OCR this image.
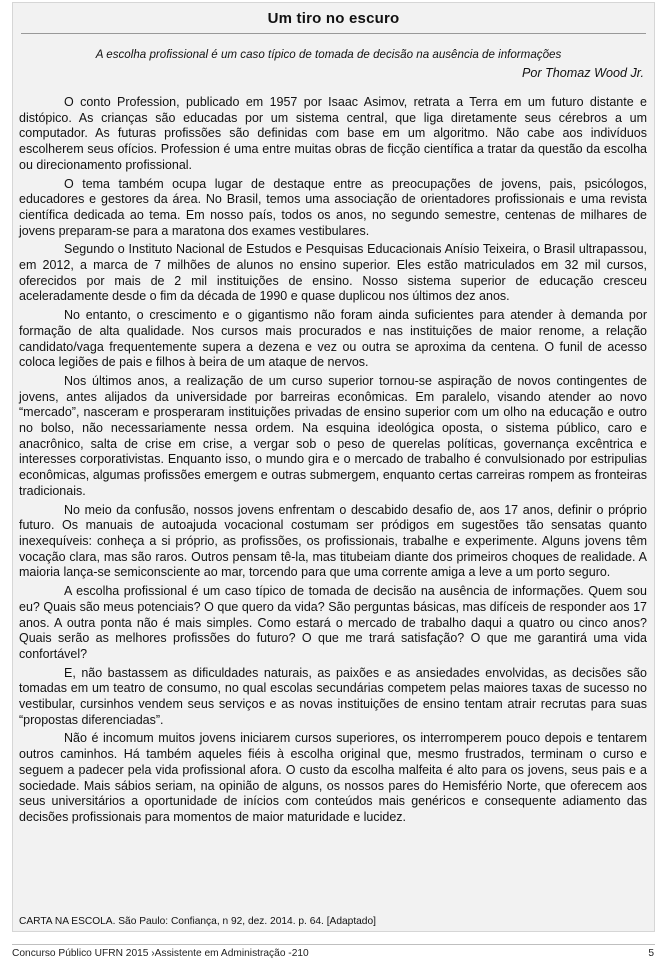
Um tiro no escuro
A escolha profissional é um caso típico de tomada de decisão na ausência de informações
Por Thomaz Wood Jr.

O conto Profession, publicado em 1957 por Isaac Asimov, retrata a Terra em um futuro distante e distópico. As crianças são educadas por um sistema central, que liga diretamente seus cérebros a um computador. As futuras profissões são definidas com base em um algoritmo. Não cabe aos indivíduos escolherem seus ofícios. Profession é uma entre muitas obras de ficção científica a tratar da questão da escolha ou direcionamento profissional.

O tema também ocupa lugar de destaque entre as preocupações de jovens, pais, psicólogos, educadores e gestores da área. No Brasil, temos uma associação de orientadores profissionais e uma revista científica dedicada ao tema. Em nosso país, todos os anos, no segundo semestre, centenas de milhares de jovens preparam-se para a maratona dos exames vestibulares.

Segundo o Instituto Nacional de Estudos e Pesquisas Educacionais Anísio Teixeira, o Brasil ultrapassou, em 2012, a marca de 7 milhões de alunos no ensino superior. Eles estão matriculados em 32 mil cursos, oferecidos por mais de 2 mil instituições de ensino. Nosso sistema superior de educação cresceu aceleradamente desde o fim da década de 1990 e quase duplicou nos últimos dez anos.

No entanto, o crescimento e o gigantismo não foram ainda suficientes para atender à demanda por formação de alta qualidade. Nos cursos mais procurados e nas instituições de maior renome, a relação candidato/vaga frequentemente supera a dezena e vez ou outra se aproxima da centena. O funil de acesso coloca legiões de pais e filhos à beira de um ataque de nervos.

Nos últimos anos, a realização de um curso superior tornou-se aspiração de novos contingentes de jovens, antes alijados da universidade por barreiras econômicas. Em paralelo, visando atender ao novo “mercado”, nasceram e prosperaram instituições privadas de ensino superior com um olho na educação e outro no bolso, não necessariamente nessa ordem. Na esquina ideológica oposta, o sistema público, caro e anacrônico, salta de crise em crise, a vergar sob o peso de querelas políticas, governança excêntrica e interesses corporativistas. Enquanto isso, o mundo gira e o mercado de trabalho é convulsionado por estripulias econômicas, algumas profissões emergem e outras submergem, enquanto certas carreiras rompem as fronteiras tradicionais.

No meio da confusão, nossos jovens enfrentam o descabido desafio de, aos 17 anos, definir o próprio futuro. Os manuais de autoajuda vocacional costumam ser pródigos em sugestões tão sensatas quanto inexequíveis: conheça a si próprio, as profissões, os profissionais, trabalhe e experimente. Alguns jovens têm vocação clara, mas são raros. Outros pensam tê-la, mas titubeiam diante dos primeiros choques de realidade. A maioria lança-se semiconsciente ao mar, torcendo para que uma corrente amiga a leve a um porto seguro.

A escolha profissional é um caso típico de tomada de decisão na ausência de informações. Quem sou eu? Quais são meus potenciais? O que quero da vida? São perguntas básicas, mas difíceis de responder aos 17 anos. A outra ponta não é mais simples. Como estará o mercado de trabalho daqui a quatro ou cinco anos? Quais serão as melhores profissões do futuro? O que me trará satisfação? O que me garantirá uma vida confortável?

E, não bastassem as dificuldades naturais, as paixões e as ansiedades envolvidas, as decisões são tomadas em um teatro de consumo, no qual escolas secundárias competem pelas maiores taxas de sucesso no vestibular, cursinhos vendem seus serviços e as novas instituições de ensino tentam atrair recrutas para suas “propostas diferenciadas”.

Não é incomum muitos jovens iniciarem cursos superiores, os interromperem pouco depois e tentarem outros caminhos. Há também aqueles fiéis à escolha original que, mesmo frustrados, terminam o curso e seguem a padecer pela vida profissional afora. O custo da escolha malfeita é alto para os jovens, seus pais e a sociedade. Mais sábios seriam, na opinião de alguns, os nossos pares do Hemisfério Norte, que oferecem aos seus universitários a oportunidade de inícios com conteúdos mais genéricos e consequente adiamento das decisões profissionais para momentos de maior maturidade e lucidez.

CARTA NA ESCOLA. São Paulo: Confiança, n 92, dez. 2014. p. 64. [Adaptado]
Concurso Público UFRN 2015 ›Assistente em Administração -210	5
